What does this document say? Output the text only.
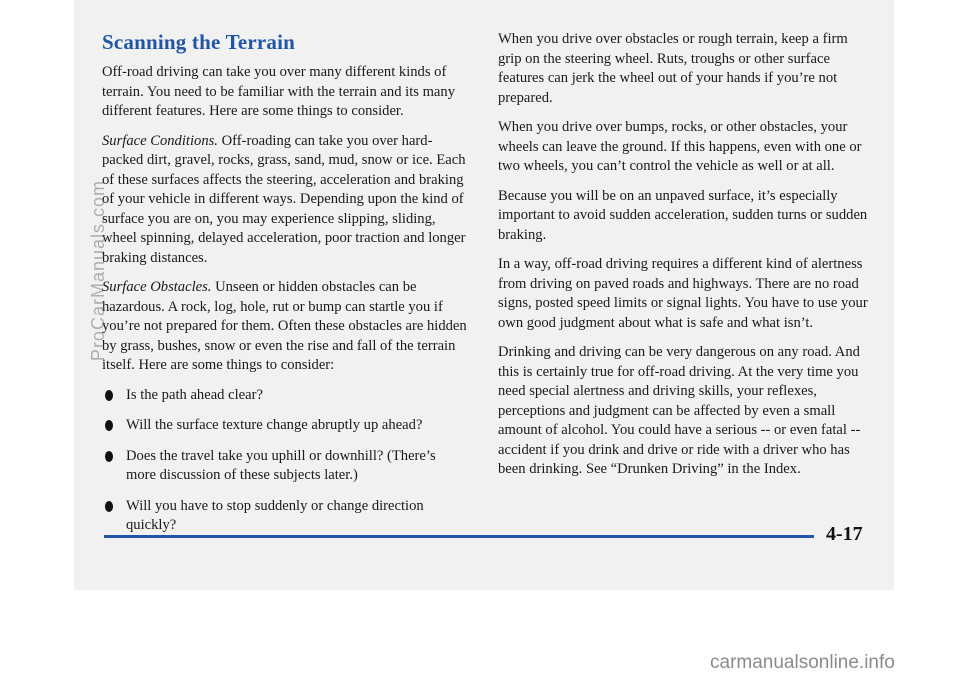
Scanning the Terrain

Off-road driving can take you over many different kinds of terrain. You need to be familiar with the terrain and its many different features. Here are some things to consider.

Surface Conditions. Off-roading can take you over hard-packed dirt, gravel, rocks, grass, sand, mud, snow or ice. Each of these surfaces affects the steering, acceleration and braking of your vehicle in different ways. Depending upon the kind of surface you are on, you may experience slipping, sliding, wheel spinning, delayed acceleration, poor traction and longer braking distances.

Surface Obstacles. Unseen or hidden obstacles can be hazardous. A rock, log, hole, rut or bump can startle you if you’re not prepared for them. Often these obstacles are hidden by grass, bushes, snow or even the rise and fall of the terrain itself. Here are some things to consider:

Is the path ahead clear?
Will the surface texture change abruptly up ahead?
Does the travel take you uphill or downhill? (There’s more discussion of these subjects later.)
Will you have to stop suddenly or change direction quickly?

When you drive over obstacles or rough terrain, keep a firm grip on the steering wheel. Ruts, troughs or other surface features can jerk the wheel out of your hands if you’re not prepared.

When you drive over bumps, rocks, or other obstacles, your wheels can leave the ground. If this happens, even with one or two wheels, you can’t control the vehicle as well or at all.

Because you will be on an unpaved surface, it’s especially important to avoid sudden acceleration, sudden turns or sudden braking.

In a way, off-road driving requires a different kind of alertness from driving on paved roads and highways. There are no road signs, posted speed limits or signal lights. You have to use your own good judgment about what is safe and what isn’t.

Drinking and driving can be very dangerous on any road. And this is certainly true for off-road driving. At the very time you need special alertness and driving skills, your reflexes, perceptions and judgment can be affected by even a small amount of alcohol. You could have a serious -- or even fatal -- accident if you drink and drive or ride with a driver who has been drinking. See “Drunken Driving” in the Index.

4-17
ProCarManuals.com
carmanualsonline.info
